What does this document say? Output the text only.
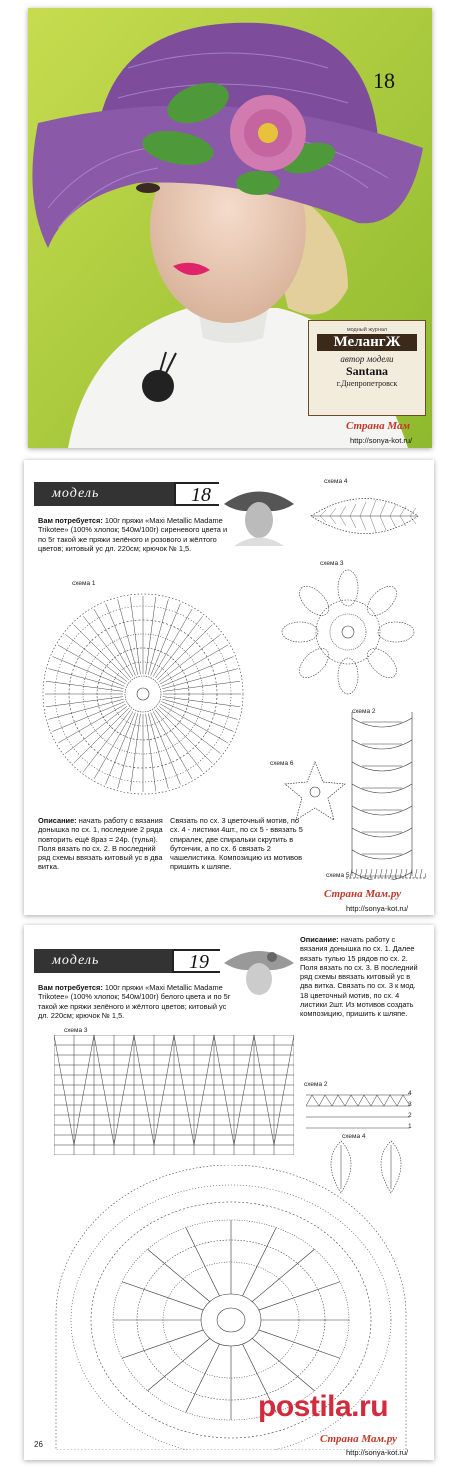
18
модный журнал
МелангЖ
автор модели
Santana
г.Днепропетровск
Страна Мам
http://sonya-kot.ru/
модель	18
Вам потребуется: 100г пряжи «Maxi Metallic Madame Trikotee» (100% хлопок; 540м/100г) сиреневого цвета и по 5г такой же пряжи зелёного и розового и жёлтого цветов; китовый ус дл. 220см; крючок № 1,5.
схема 1
схема 4
схема 3
схема 2
схема 6
схема 5
Описание: начать работу с вязания донышка по сх. 1, последние 2 ряда повторить ещё 8раз = 24р. (тулья). Поля вязать по сх. 2. В последний ряд схемы ввязать китовый ус в два витка.
Связать по сх. 3 цветочный мотив, по сх. 4 - листики 4шт., по сх 5 - ввязать 5 спиралек, две спиральки скрутить в бутончик, а по сх. 6 связать 2 чашелистика. Композицию из мотивов пришить к шляпе.
Страна Мам.ру
http://sonya-kot.ru/
модель	19
Вам потребуется: 100г пряжи «Maxi Metallic Madame Trikotee» (100% хлопок; 540м/100г) белого цвета и по 5г такой же пряжи зелёного и жёлтого цветов; китовый ус дл. 220см; крючок № 1,5.
Описание: начать работу с вязания донышка по сх. 1. Далее вязать тулью 15 рядов по сх. 2. Поля вязать по сх. 3. В последний ряд схемы ввязать китовый ус в два витка. Связать по сх. 3 к мод. 18 цветочный мотив, по сх. 4 листики 2шт. Из мотивов создать композицию, пришить к шляпе.
схема 3
схема 2
4
3
2
1
схема 4
26
postila.ru
Страна Мам.ру
http://sonya-kot.ru/
